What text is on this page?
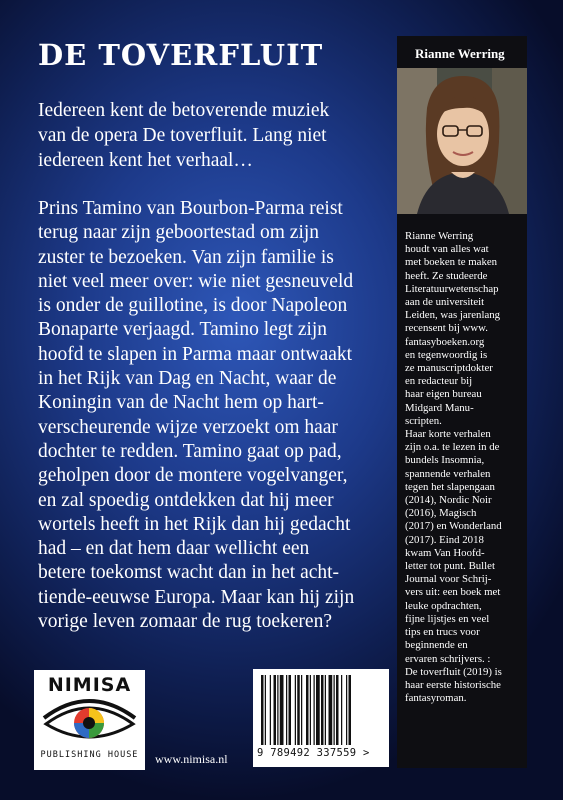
DE TOVERFLUIT

Iedereen kent de betoverende muziek

van de opera De toverfluit. Lang niet

iedereen kent het verhaal…

Prins Tamino van Bourbon-Parma reist

terug naar zijn geboortestad om zijn

zuster te bezoeken. Van zijn familie is

niet veel meer over: wie niet gesneuveld

is onder de guillotine, is door Napoleon

Bonaparte verjaagd. Tamino legt zijn

hoofd te slapen in Parma maar ontwaakt

in het Rijk van Dag en Nacht, waar de

Koningin van de Nacht hem op hart-

verscheurende wijze verzoekt om haar

dochter te redden. Tamino gaat op pad,

geholpen door de montere vogelvanger,

en zal spoedig ontdekken dat hij meer

wortels heeft in het Rijk dan hij gedacht

had – en dat hem daar wellicht een

betere toekomst wacht dan in het acht-

tiende-eeuwse Europa. Maar kan hij zijn

vorige leven zomaar de rug toekeren?

Rianne Werring

Rianne Werring

houdt van alles wat

met boeken te maken

heeft. Ze studeerde

Literatuurwetenschap

aan de universiteit

Leiden, was jarenlang

recensent bij www.

fantasyboeken.org

en tegenwoordig is

ze manuscriptdokter

en redacteur bij

haar eigen bureau

Midgard Manu-

scripten.

Haar korte verhalen

zijn o.a. te lezen in de

bundels Insomnia,

spannende verhalen

tegen het slapengaan

(2014), Nordic Noir

(2016), Magisch

(2017) en Wonderland

(2017). Eind 2018

kwam Van Hoofd-

letter tot punt. Bullet

Journal voor Schrij-

vers uit: een boek met

leuke opdrachten,

fijne lijstjes en veel

tips en trucs voor

beginnende en

ervaren schrijvers. :

De toverfluit (2019) is

haar eerste historische

fantasyroman.

NIMISA
PUBLISHING HOUSE	www.nimisa.nl	9 789492 337559 >
